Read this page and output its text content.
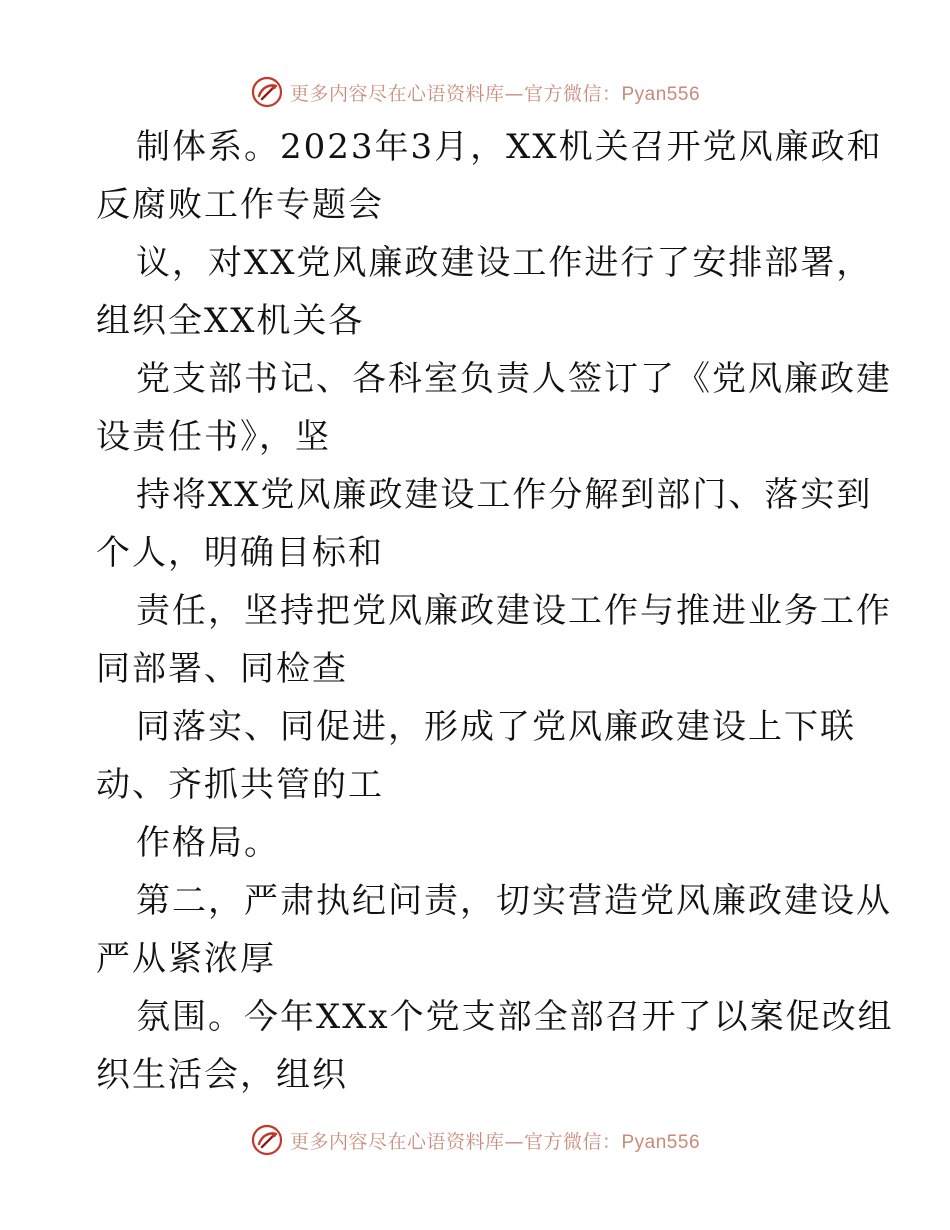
更多内容尽在心语资料库—官方微信：Pyan556
制体系。2023年3月，XX机关召开党风廉政和
反腐败工作专题会
议，对XX党风廉政建设工作进行了安排部署，
组织全XX机关各
党支部书记、各科室负责人签订了《党风廉政建
设责任书》，坚
持将XX党风廉政建设工作分解到部门、落实到
个人，明确目标和
责任，坚持把党风廉政建设工作与推进业务工作
同部署、同检查
同落实、同促进，形成了党风廉政建设上下联
动、齐抓共管的工
作格局。
第二，严肃执纪问责，切实营造党风廉政建设从
严从紧浓厚
氛围。今年XXx个党支部全部召开了以案促改组
织生活会，组织
更多内容尽在心语资料库—官方微信：Pyan556
